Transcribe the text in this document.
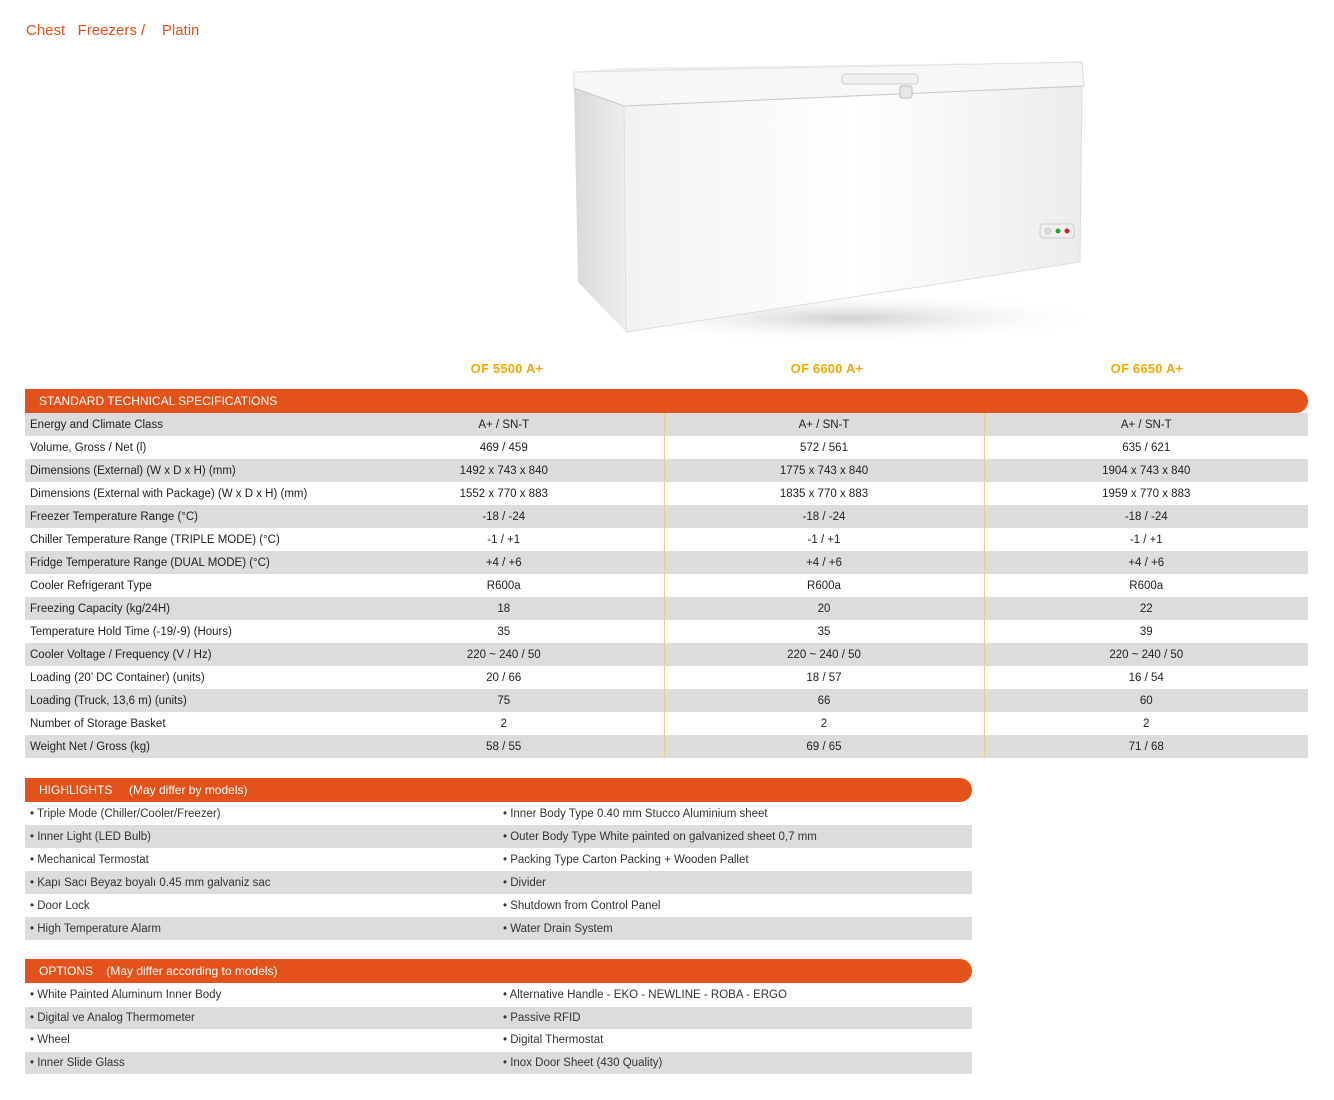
Chest   Freezers /    Platin
OF 5500 A+	OF 6600 A+	OF 6650 A+
STANDARD TECHNICAL SPECIFICATIONS
Energy and Climate Class	A+ / SN-T	A+ / SN-T	A+ / SN-T
Volume, Gross / Net (l)	469 / 459	572 / 561	635 / 621
Dimensions (External) (W x D x H) (mm)	1492 x 743 x 840	1775 x 743 x 840	1904 x 743 x 840
Dimensions (External with Package) (W x D x H) (mm)	1552 x 770 x 883	1835 x 770 x 883	1959 x 770 x 883
Freezer Temperature Range (°C)	-18 / -24	-18 / -24	-18 / -24
Chiller Temperature Range (TRIPLE MODE) (°C)	-1 / +1	-1 / +1	-1 / +1
Fridge Temperature Range (DUAL MODE) (°C)	+4 / +6	+4 / +6	+4 / +6
Cooler Refrigerant Type	R600a	R600a	R600a
Freezing Capacity (kg/24H)	18	20	22
Temperature Hold Time (-19/-9) (Hours)	35	35	39
Cooler Voltage / Frequency (V / Hz)	220 ~ 240 / 50	220 ~ 240 / 50	220 ~ 240 / 50
Loading (20’ DC Container) (units)	20 / 66	18 / 57	16 / 54
Loading (Truck, 13,6 m) (units)	75	66	60
Number of Storage Basket	2	2	2
Weight Net / Gross (kg)	58 / 55	69 / 65	71 / 68
HIGHLIGHTS     (May differ by models)
• Triple Mode (Chiller/Cooler/Freezer)	• Inner Body Type 0.40 mm Stucco Aluminium sheet
• Inner Light (LED Bulb)	• Outer Body Type White painted on galvanized sheet 0,7 mm
• Mechanical Termostat	• Packing Type Carton Packing + Wooden Pallet
• Kapı Sacı Beyaz boyalı 0.45 mm galvaniz sac	• Divider
• Door Lock	• Shutdown from Control Panel
• High Temperature Alarm	• Water Drain System
OPTIONS    (May differ according to models)
• White Painted Aluminum Inner Body	• Alternative Handle - EKO - NEWLINE - ROBA - ERGO
• Digital ve Analog Thermometer	• Passive RFID
• Wheel	• Digital Thermostat
• Inner Slide Glass	• Inox Door Sheet (430 Quality)
